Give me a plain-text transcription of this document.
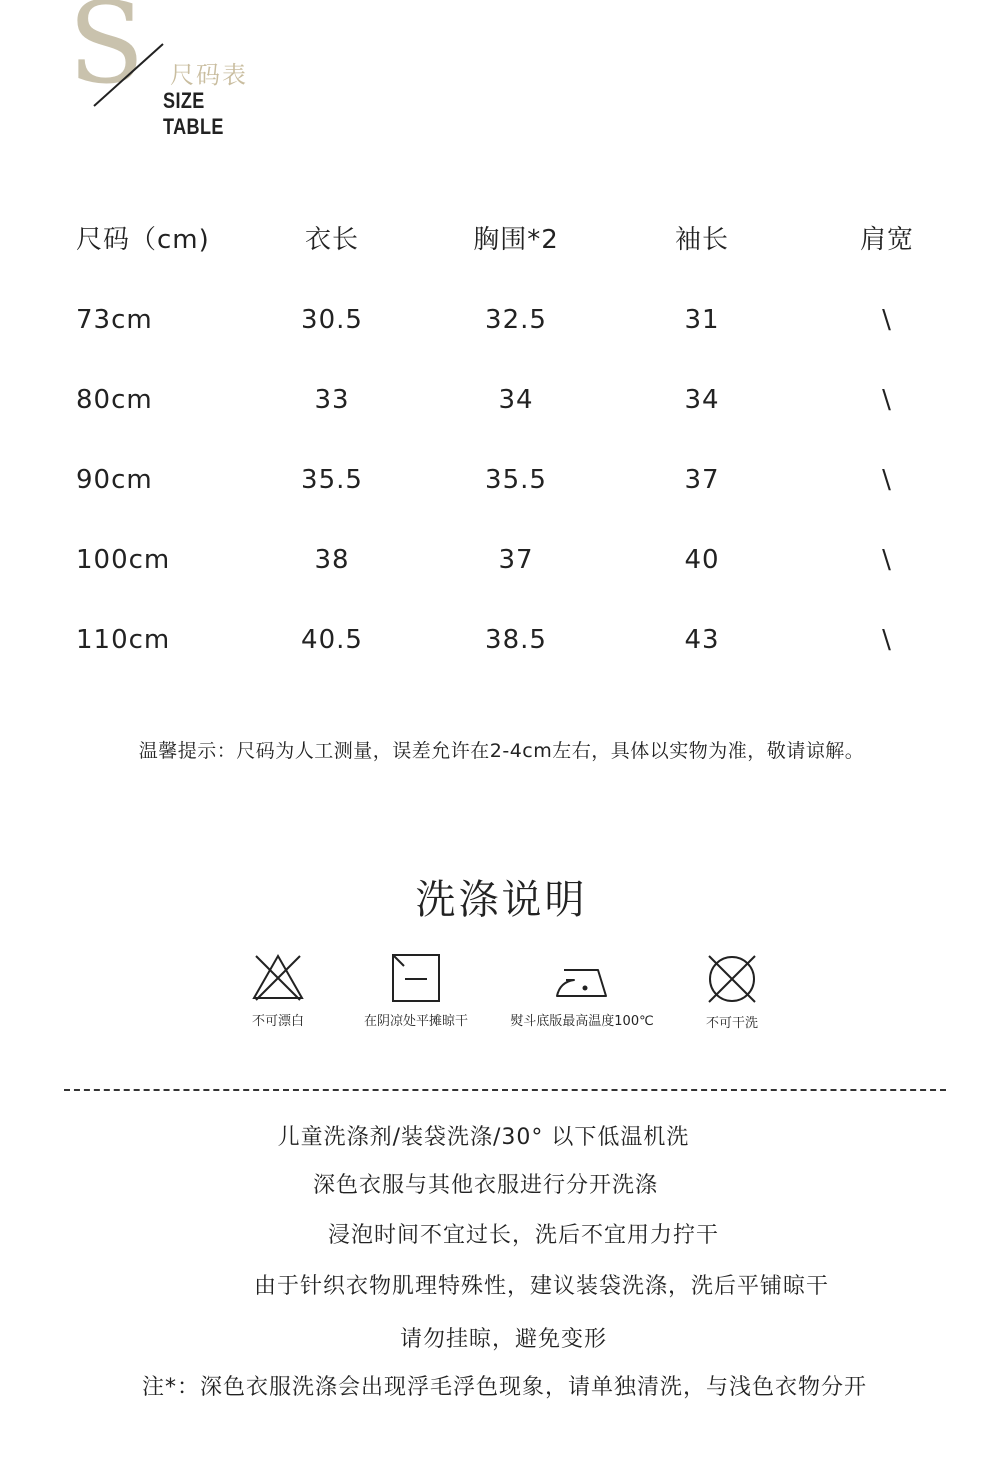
S 尺码表
SIZE TABLE
尺码（cm)	衣长	胸围*2	袖长	肩宽
73cm	30.5	32.5	31	\
80cm	33	34	34	\
90cm	35.5	35.5	37	\
100cm	38	37	40	\
110cm	40.5	38.5	43	\
温馨提示：尺码为人工测量，误差允许在2-4cm左右，具体以实物为准，敬请谅解。
洗涤说明
不可漂白	在阴凉处平摊晾干	熨斗底版最高温度100℃	不可干洗
儿童洗涤剂/装袋洗涤/30° 以下低温机洗
深色衣服与其他衣服进行分开洗涤
浸泡时间不宜过长，洗后不宜用力拧干
由于针织衣物肌理特殊性，建议装袋洗涤，洗后平铺晾干
请勿挂晾，避免变形
注*：深色衣服洗涤会出现浮毛浮色现象，请单独清洗，与浅色衣物分开
